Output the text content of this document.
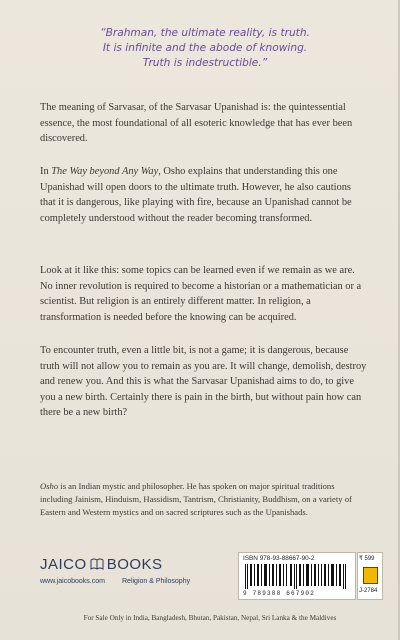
“Brahman, the ultimate reality, is truth.
It is infinite and the abode of knowing.
Truth is indestructible.”

The meaning of Sarvasar, of the Sarvasar Upanishad is: the quintessential essence, the most foundational of all esoteric knowledge that has ever been discovered.

In The Way beyond Any Way, Osho explains that understanding this one Upanishad will open doors to the ultimate truth. However, he also cautions that it is dangerous, like playing with fire, because an Upanishad cannot be completely understood without the reader becoming transformed.

Look at it like this: some topics can be learned even if we remain as we are. No inner revolution is required to become a historian or a mathematician or a scientist. But religion is an entirely different matter. In religion, a transformation is needed before the knowing can be acquired.

To encounter truth, even a little bit, is not a game; it is dangerous, because truth will not allow you to remain as you are. It will change, demolish, destroy and renew you. And this is what the Sarvasar Upanishad aims to do, to give you a new birth. Certainly there is pain in the birth, but without pain how can there be a new birth?

Osho is an Indian mystic and philosopher. He has spoken on major spiritual traditions including Jainism, Hinduism, Hassidism, Tantrism, Christianity, Buddhism, on a variety of Eastern and Western mystics and on sacred scriptures such as the Upanishads.

JAICO BOOKS
www.jaicobooks.com Religion & Philosophy
ISBN 978-93-88667-90-2
9 789388 667902
₹ 599
J-2784

For Sale Only in India, Bangladesh, Bhutan, Pakistan, Nepal, Sri Lanka & the Maldives
